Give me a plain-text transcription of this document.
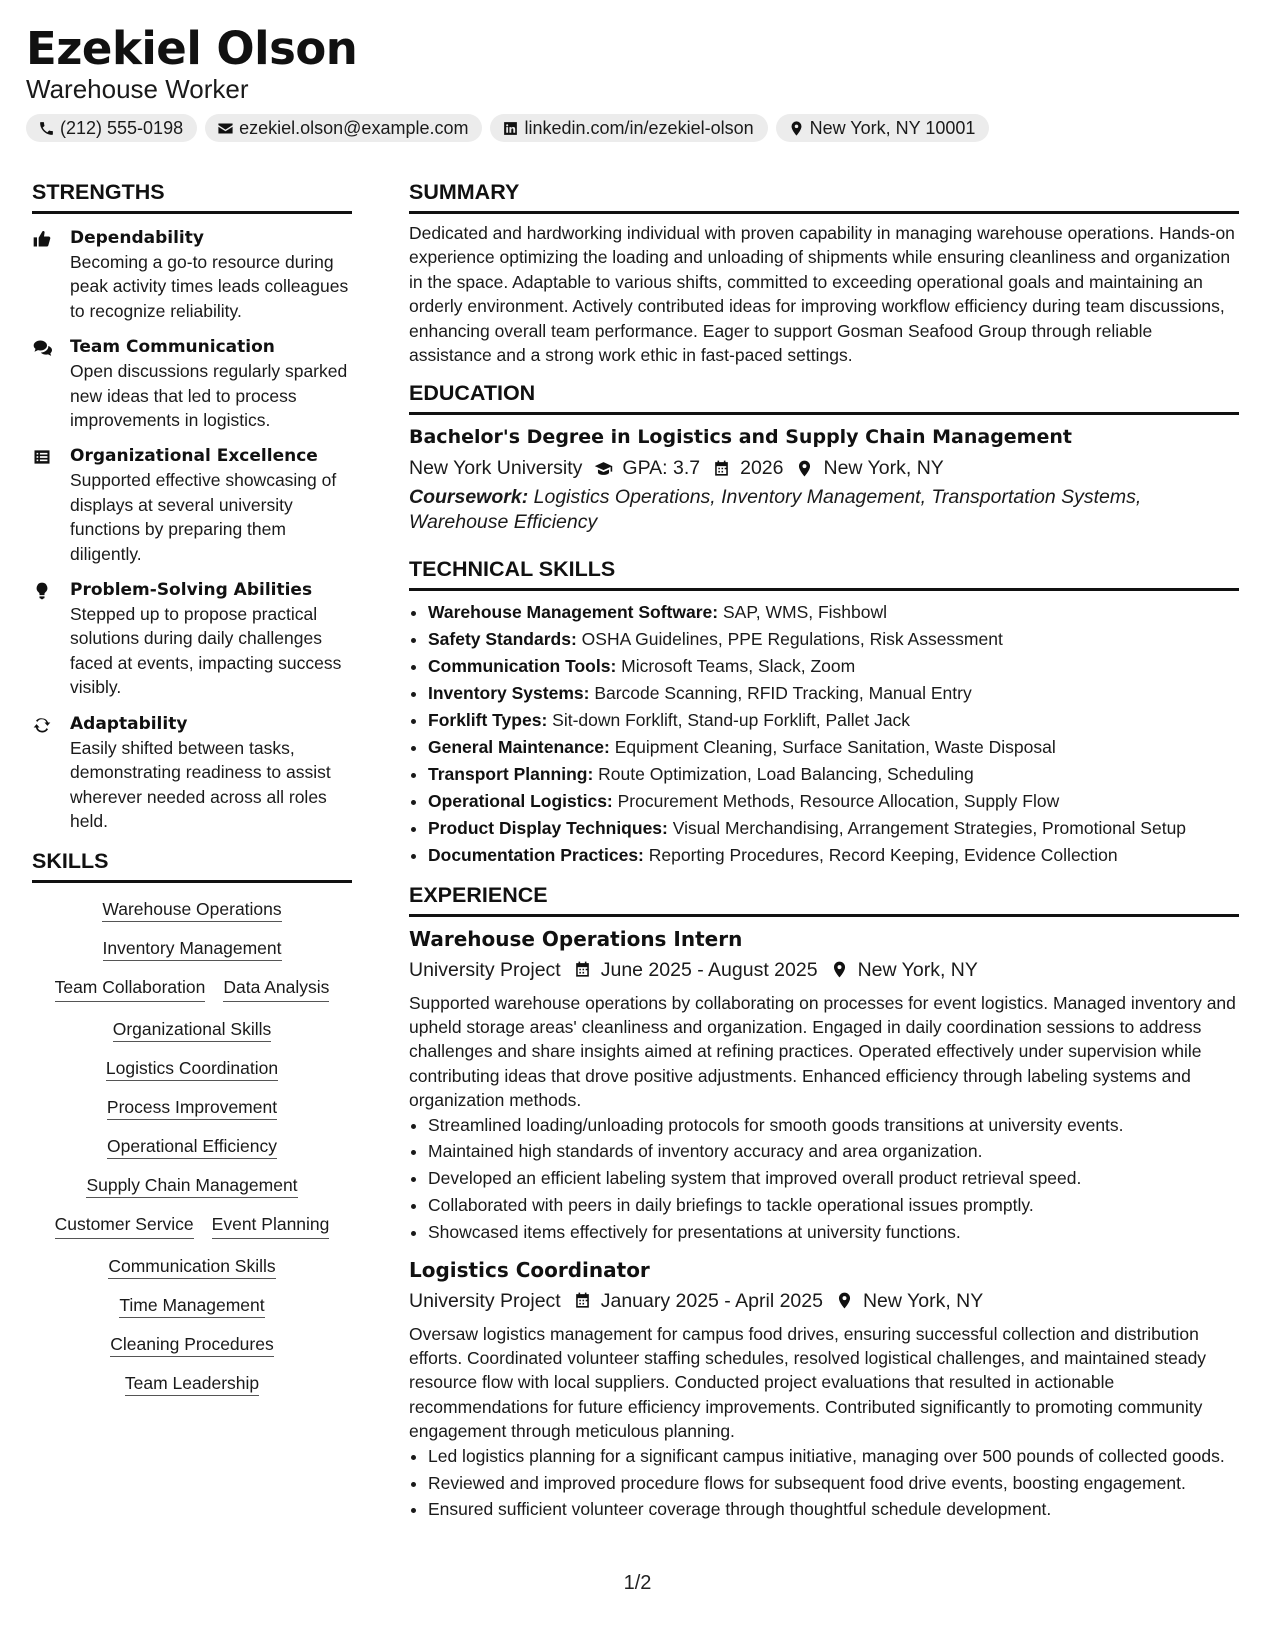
Ezekiel Olson
Warehouse Worker
(212) 555-0198	ezekiel.olson@example.com	linkedin.com/in/ezekiel-olson	New York, NY 10001
STRENGTHS
Dependability
Becoming a go-to resource during peak activity times leads colleagues to recognize reliability.
Team Communication
Open discussions regularly sparked new ideas that led to process improvements in logistics.
Organizational Excellence
Supported effective showcasing of displays at several university functions by preparing them diligently.
Problem-Solving Abilities
Stepped up to propose practical solutions during daily challenges faced at events, impacting success visibly.
Adaptability
Easily shifted between tasks, demonstrating readiness to assist wherever needed across all roles held.
SKILLS
Warehouse Operations
Inventory Management
Team Collaboration Data Analysis
Organizational Skills
Logistics Coordination
Process Improvement
Operational Efficiency
Supply Chain Management
Customer Service Event Planning
Communication Skills
Time Management
Cleaning Procedures
Team Leadership
SUMMARY

Dedicated and hardworking individual with proven capability in managing warehouse operations. Hands-on experience optimizing the loading and unloading of shipments while ensuring cleanliness and organization in the space. Adaptable to various shifts, committed to exceeding operational goals and maintaining an orderly environment. Actively contributed ideas for improving workflow efficiency during team discussions, enhancing overall team performance. Eager to support Gosman Seafood Group through reliable assistance and a strong work ethic in fast-paced settings.

EDUCATION
Bachelor's Degree in Logistics and Supply Chain Management
New York University GPA: 3.7 2026 New York, NY
Coursework: Logistics Operations, Inventory Management, Transportation Systems, Warehouse Efficiency
TECHNICAL SKILLS
• Warehouse Management Software: SAP, WMS, Fishbowl
• Safety Standards: OSHA Guidelines, PPE Regulations, Risk Assessment
• Communication Tools: Microsoft Teams, Slack, Zoom
• Inventory Systems: Barcode Scanning, RFID Tracking, Manual Entry
• Forklift Types: Sit-down Forklift, Stand-up Forklift, Pallet Jack
• General Maintenance: Equipment Cleaning, Surface Sanitation, Waste Disposal
• Transport Planning: Route Optimization, Load Balancing, Scheduling
• Operational Logistics: Procurement Methods, Resource Allocation, Supply Flow
• Product Display Techniques: Visual Merchandising, Arrangement Strategies, Promotional Setup
• Documentation Practices: Reporting Procedures, Record Keeping, Evidence Collection
EXPERIENCE
Warehouse Operations Intern
University Project June 2025 - August 2025 New York, NY
Supported warehouse operations by collaborating on processes for event logistics. Managed inventory and upheld storage areas' cleanliness and organization. Engaged in daily coordination sessions to address challenges and share insights aimed at refining practices. Operated effectively under supervision while contributing ideas that drove positive adjustments. Enhanced efficiency through labeling systems and organization methods.
• Streamlined loading/unloading protocols for smooth goods transitions at university events.
• Maintained high standards of inventory accuracy and area organization.
• Developed an efficient labeling system that improved overall product retrieval speed.
• Collaborated with peers in daily briefings to tackle operational issues promptly.
• Showcased items effectively for presentations at university functions.
Logistics Coordinator
University Project January 2025 - April 2025 New York, NY
Oversaw logistics management for campus food drives, ensuring successful collection and distribution efforts. Coordinated volunteer staffing schedules, resolved logistical challenges, and maintained steady resource flow with local suppliers. Conducted project evaluations that resulted in actionable recommendations for future efficiency improvements. Contributed significantly to promoting community engagement through meticulous planning.
• Led logistics planning for a significant campus initiative, managing over 500 pounds of collected goods.
• Reviewed and improved procedure flows for subsequent food drive events, boosting engagement.
• Ensured sufficient volunteer coverage through thoughtful schedule development.
1/2
